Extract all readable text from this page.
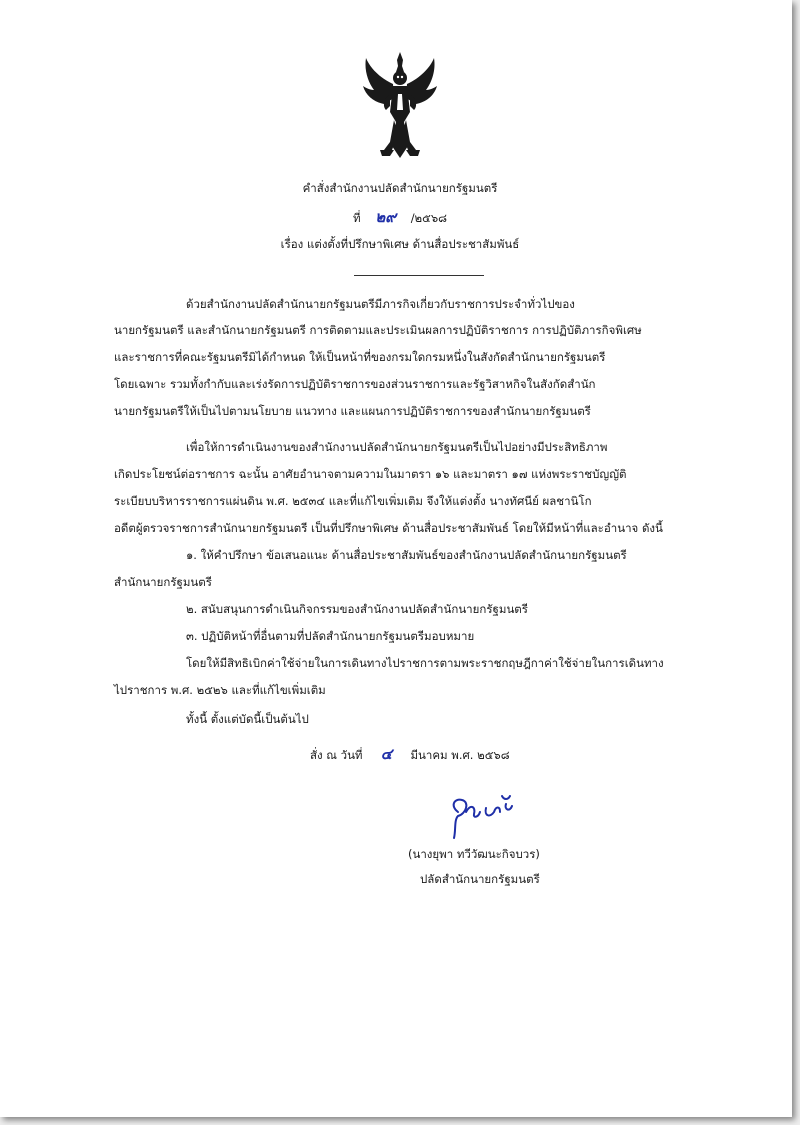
คำสั่งสำนักงานปลัดสำนักนายกรัฐมนตรี
ที่ ๒๙ /๒๕๖๘
เรื่อง แต่งตั้งที่ปรึกษาพิเศษ ด้านสื่อประชาสัมพันธ์
ด้วยสำนักงานปลัดสำนักนายกรัฐมนตรีมีภารกิจเกี่ยวกับราชการประจำทั่วไปของ
นายกรัฐมนตรี และสำนักนายกรัฐมนตรี การติดตามและประเมินผลการปฏิบัติราชการ การปฏิบัติภารกิจพิเศษ
และราชการที่คณะรัฐมนตรีมิได้กำหนด ให้เป็นหน้าที่ของกรมใดกรมหนึ่งในสังกัดสำนักนายกรัฐมนตรี
โดยเฉพาะ รวมทั้งกำกับและเร่งรัดการปฏิบัติราชการของส่วนราชการและรัฐวิสาหกิจในสังกัดสำนัก
นายกรัฐมนตรีให้เป็นไปตามนโยบาย แนวทาง และแผนการปฏิบัติราชการของสำนักนายกรัฐมนตรี
เพื่อให้การดำเนินงานของสำนักงานปลัดสำนักนายกรัฐมนตรีเป็นไปอย่างมีประสิทธิภาพ
เกิดประโยชน์ต่อราชการ ฉะนั้น อาศัยอำนาจตามความในมาตรา ๑๖ และมาตรา ๑๗ แห่งพระราชบัญญัติ
ระเบียบบริหารราชการแผ่นดิน พ.ศ. ๒๕๓๔ และที่แก้ไขเพิ่มเติม จึงให้แต่งตั้ง นางทัศนีย์ ผลชานิโก
อดีตผู้ตรวจราชการสำนักนายกรัฐมนตรี เป็นที่ปรึกษาพิเศษ ด้านสื่อประชาสัมพันธ์ โดยให้มีหน้าที่และอำนาจ ดังนี้
๑. ให้คำปรึกษา ข้อเสนอแนะ ด้านสื่อประชาสัมพันธ์ของสำนักงานปลัดสำนักนายกรัฐมนตรี
สำนักนายกรัฐมนตรี
๒. สนับสนุนการดำเนินกิจกรรมของสำนักงานปลัดสำนักนายกรัฐมนตรี
๓. ปฏิบัติหน้าที่อื่นตามที่ปลัดสำนักนายกรัฐมนตรีมอบหมาย
โดยให้มีสิทธิเบิกค่าใช้จ่ายในการเดินทางไปราชการตามพระราชกฤษฎีกาค่าใช้จ่ายในการเดินทาง
ไปราชการ พ.ศ. ๒๕๒๖ และที่แก้ไขเพิ่มเติม
ทั้งนี้ ตั้งแต่บัดนี้เป็นต้นไป
สั่ง ณ วันที่ ๔ มีนาคม พ.ศ. ๒๕๖๘
(นางยุพา ทวีวัฒนะกิจบวร)
ปลัดสำนักนายกรัฐมนตรี
